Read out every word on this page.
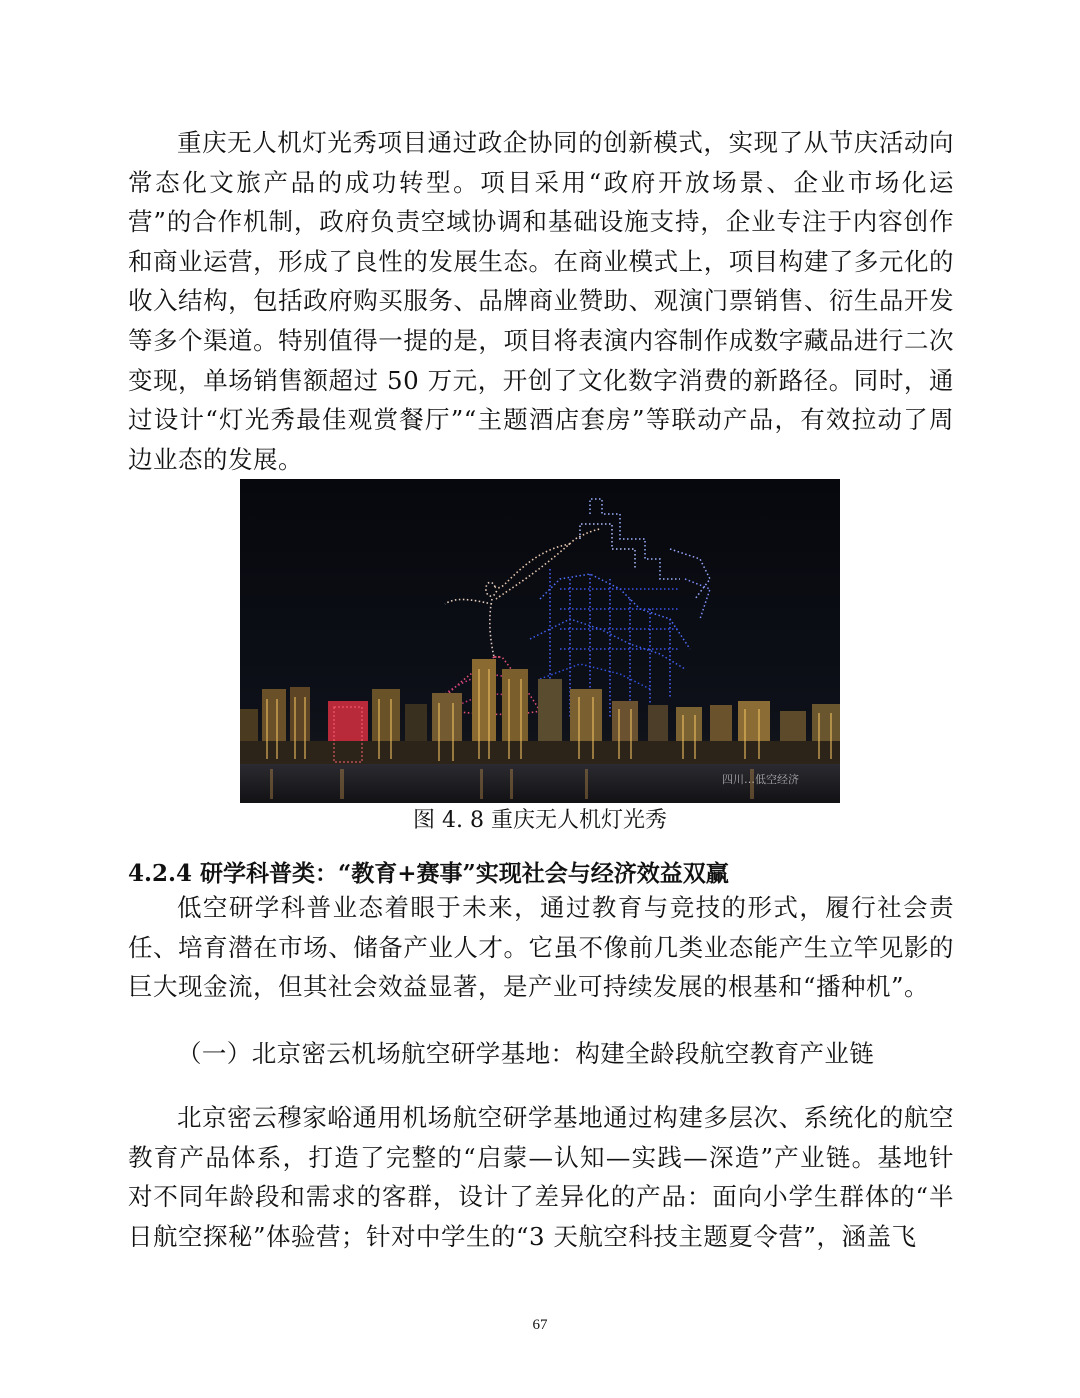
重庆无人机灯光秀项目通过政企协同的创新模式，实现了从节庆活动向常态化文旅产品的成功转型。项目采用“政府开放场景、企业市场化运营”的合作机制，政府负责空域协调和基础设施支持，企业专注于内容创作和商业运营，形成了良性的发展生态。在商业模式上，项目构建了多元化的收入结构，包括政府购买服务、品牌商业赞助、观演门票销售、衍生品开发等多个渠道。特别值得一提的是，项目将表演内容制作成数字藏品进行二次变现，单场销售额超过 50 万元，开创了文化数字消费的新路径。同时，通过设计“灯光秀最佳观赏餐厅”“主题酒店套房”等联动产品，有效拉动了周边业态的发展。

四川…低空经济

图 4. 8 重庆无人机灯光秀

4.2.4 研学科普类：“教育+赛事”实现社会与经济效益双赢

低空研学科普业态着眼于未来，通过教育与竞技的形式，履行社会责任、培育潜在市场、储备产业人才。它虽不像前几类业态能产生立竿见影的巨大现金流，但其社会效益显著，是产业可持续发展的根基和“播种机”。

（一）北京密云机场航空研学基地：构建全龄段航空教育产业链

北京密云穆家峪通用机场航空研学基地通过构建多层次、系统化的航空教育产品体系，打造了完整的“启蒙—认知—实践—深造”产业链。基地针对不同年龄段和需求的客群，设计了差异化的产品：面向小学生群体的“半日航空探秘”体验营；针对中学生的“3 天航空科技主题夏令营”，涵盖飞

67
